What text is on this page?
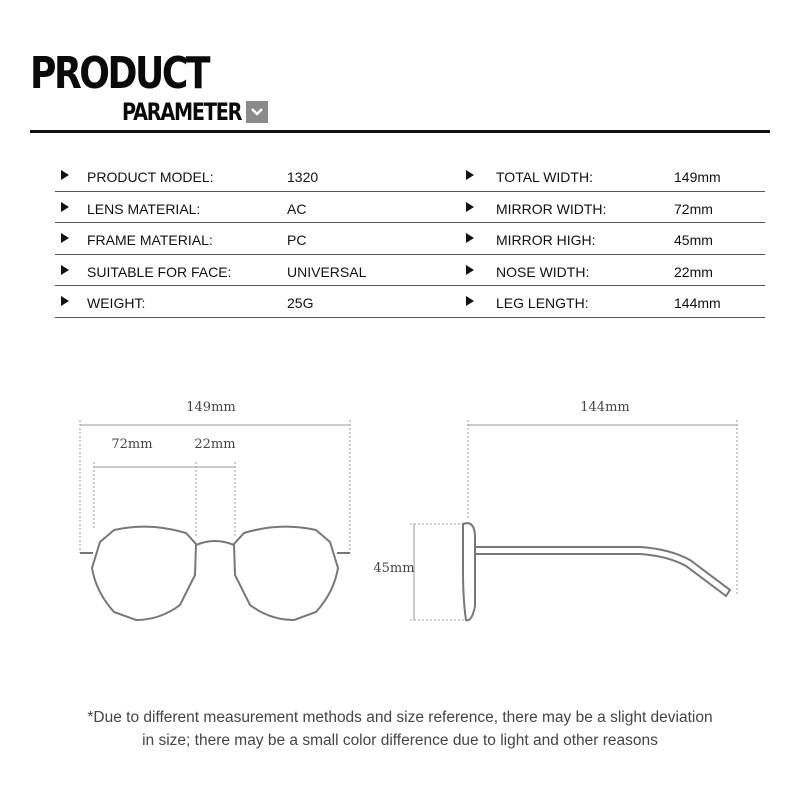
PRODUCT
PARAMETER
PRODUCT MODEL:	1320	TOTAL WIDTH:	149mm
LENS MATERIAL:	AC	MIRROR WIDTH:	72mm
FRAME MATERIAL:	PC	MIRROR HIGH:	45mm
SUITABLE FOR FACE:	UNIVERSAL	NOSE WIDTH:	22mm
WEIGHT:	25G	LEG LENGTH:	144mm
149mm
72mm	22mm
144mm
45mm
*Due to different measurement methods and size reference, there may be a slight deviation
in size; there may be a small color difference due to light and other reasons
